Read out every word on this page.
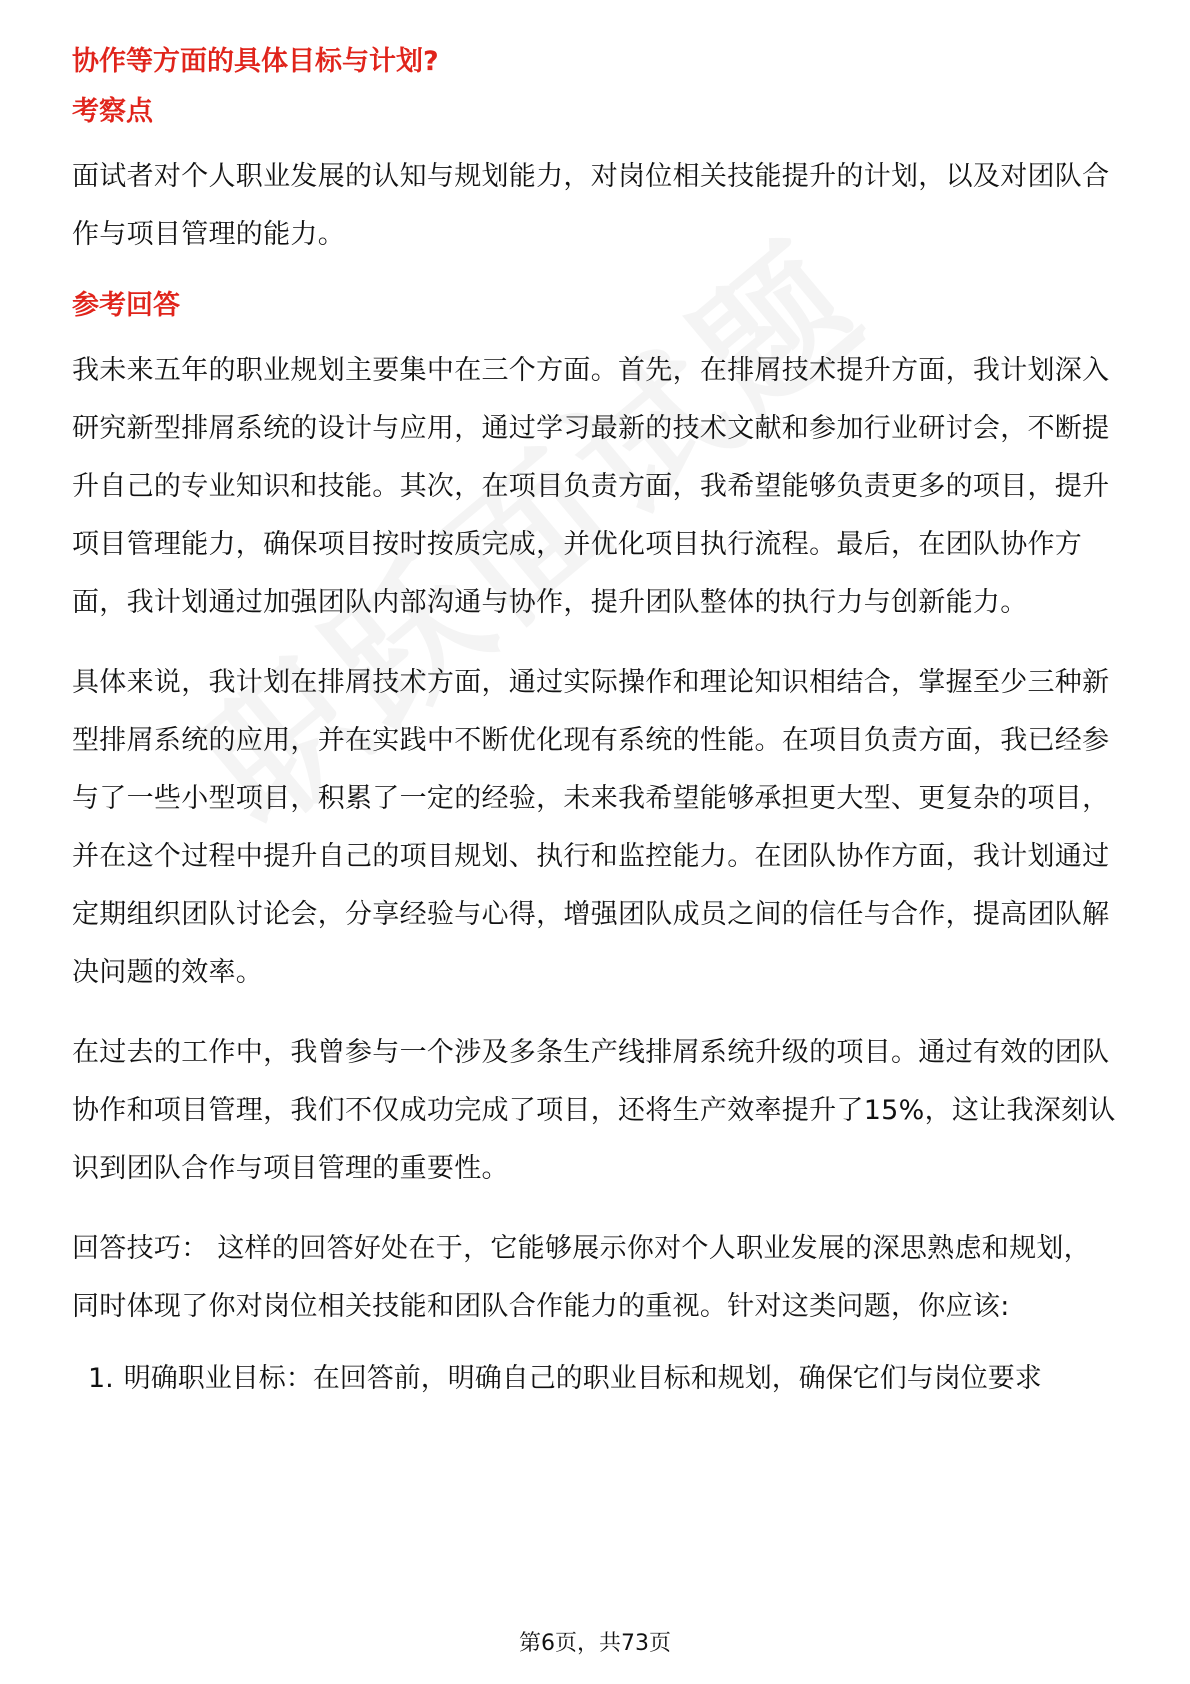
协作等方面的具体目标与计划?

考察点

面试者对个人职业发展的认知与规划能力，对岗位相关技能提升的计划，以及对团队合作与项目管理的能力。

参考回答

我未来五年的职业规划主要集中在三个方面。首先，在排屑技术提升方面，我计划深入研究新型排屑系统的设计与应用，通过学习最新的技术文献和参加行业研讨会，不断提升自己的专业知识和技能。其次，在项目负责方面，我希望能够负责更多的项目，提升项目管理能力，确保项目按时按质完成，并优化项目执行流程。最后，在团队协作方面，我计划通过加强团队内部沟通与协作，提升团队整体的执行力与创新能力。

具体来说，我计划在排屑技术方面，通过实际操作和理论知识相结合，掌握至少三种新型排屑系统的应用，并在实践中不断优化现有系统的性能。在项目负责方面，我已经参与了一些小型项目，积累了一定的经验，未来我希望能够承担更大型、更复杂的项目，并在这个过程中提升自己的项目规划、执行和监控能力。在团队协作方面，我计划通过定期组织团队讨论会，分享经验与心得，增强团队成员之间的信任与合作，提高团队解决问题的效率。

在过去的工作中，我曾参与一个涉及多条生产线排屑系统升级的项目。通过有效的团队协作和项目管理，我们不仅成功完成了项目，还将生产效率提升了15%，这让我深刻认识到团队合作与项目管理的重要性。

回答技巧： 这样的回答好处在于，它能够展示你对个人职业发展的深思熟虑和规划，同时体现了你对岗位相关技能和团队合作能力的重视。针对这类问题，你应该:

1. 明确职业目标：在回答前，明确自己的职业目标和规划，确保它们与岗位要求

第6页，共73页
